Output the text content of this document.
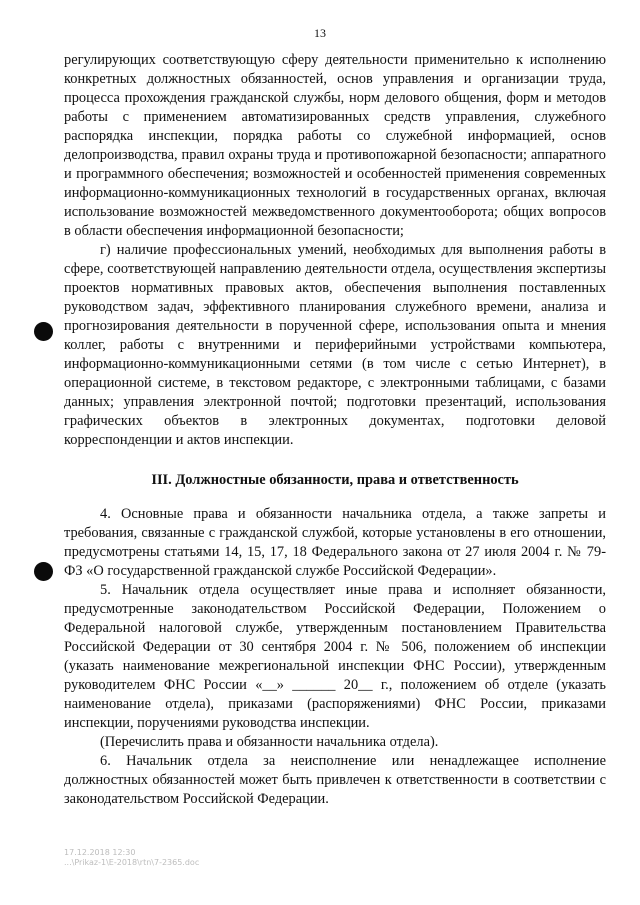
13

регулирующих соответствующую сферу деятельности применительно к исполнению конкретных должностных обязанностей, основ управления и организации труда, процесса прохождения гражданской службы, норм делового общения, форм и методов работы с применением автоматизированных средств управления, служебного распорядка инспекции, порядка работы со служебной информацией, основ делопроизводства, правил охраны труда и противопожарной безопасности; аппаратного и программного обеспечения; возможностей и особенностей применения современных информационно-коммуникационных технологий в государственных органах, включая использование возможностей межведомственного документооборота; общих вопросов в области обеспечения информационной безопасности;

г) наличие профессиональных умений, необходимых для выполнения работы в сфере, соответствующей направлению деятельности отдела, осуществления экспертизы проектов нормативных правовых актов, обеспечения выполнения поставленных руководством задач, эффективного планирования служебного времени, анализа и прогнозирования деятельности в порученной сфере, использования опыта и мнения коллег, работы с внутренними и периферийными устройствами компьютера, информационно-коммуникационными сетями (в том числе с сетью Интернет), в операционной системе, в текстовом редакторе, с электронными таблицами, с базами данных; управления электронной почтой; подготовки презентаций, использования графических объектов в электронных документах, подготовки деловой корреспонденции и актов инспекции.

III. Должностные обязанности, права и ответственность

4. Основные права и обязанности начальника отдела, а также запреты и требования, связанные с гражданской службой, которые установлены в его отношении, предусмотрены статьями 14, 15, 17, 18 Федерального закона от 27 июля 2004 г. № 79-ФЗ «О государственной гражданской службе Российской Федерации».

5. Начальник отдела осуществляет иные права и исполняет обязанности, предусмотренные законодательством Российской Федерации, Положением о Федеральной налоговой службе, утвержденным постановлением Правительства Российской Федерации от 30 сентября 2004 г. № 506, положением об инспекции (указать наименование межрегиональной инспекции ФНС России), утвержденным руководителем ФНС России «__» ______ 20__ г., положением об отделе (указать наименование отдела), приказами (распоряжениями) ФНС России, приказами инспекции, поручениями руководства инспекции.

(Перечислить права и обязанности начальника отдела).

6. Начальник отдела за неисполнение или ненадлежащее исполнение должностных обязанностей может быть привлечен к ответственности в соответствии с законодательством Российской Федерации.

17.12.2018 12:30
...\Prikaz-1\E-2018\rtn\7-2365.doc
